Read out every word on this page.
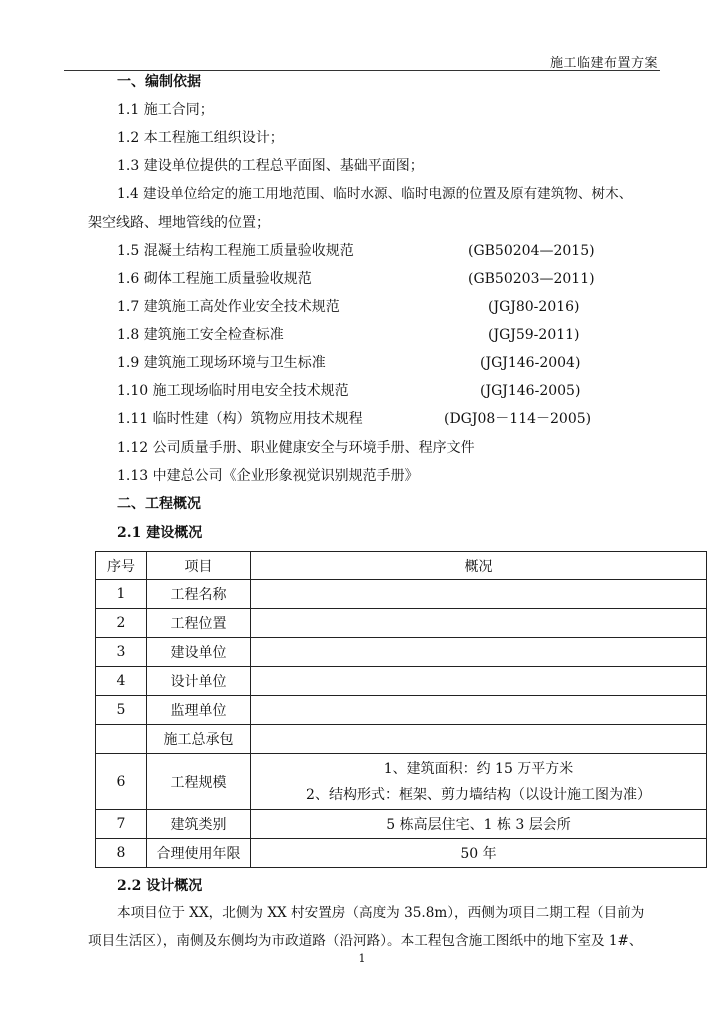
施工临建布置方案
一、编制依据
1.1 施工合同；
1.2 本工程施工组织设计；
1.3 建设单位提供的工程总平面图、基础平面图；
1.4 建设单位给定的施工用地范围、临时水源、临时电源的位置及原有建筑物、树木、
架空线路、埋地管线的位置；
1.5 混凝土结构工程施工质量验收规范	(GB50204—2015)
1.6 砌体工程施工质量验收规范	(GB50203—2011)
1.7 建筑施工高处作业安全技术规范	(JGJ80-2016)
1.8 建筑施工安全检查标准	(JGJ59-2011)
1.9 建筑施工现场环境与卫生标准	(JGJ146-2004)
1.10 施工现场临时用电安全技术规范	(JGJ146-2005)
1.11 临时性建（构）筑物应用技术规程	(DGJ08－114－2005)
1.12 公司质量手册、职业健康安全与环境手册、程序文件
1.13 中建总公司《企业形象视觉识别规范手册》
二、工程概况
2.1 建设概况
序号	项目	概况
1	工程名称	
2	工程位置	
3	建设单位	
4	设计单位	
5	监理单位	
	施工总承包	
6	工程规模	1、建筑面积：约 15 万平方米
2、结构形式：框架、剪力墙结构（以设计施工图为准）

7	建筑类别	5 栋高层住宅、1 栋 3 层会所
8	合理使用年限	50 年
2.2 设计概况
本项目位于 XX，北侧为 XX 村安置房（高度为 35.8m），西侧为项目二期工程（目前为
项目生活区），南侧及东侧均为市政道路（沿河路）。本工程包含施工图纸中的地下室及 1#、
1
